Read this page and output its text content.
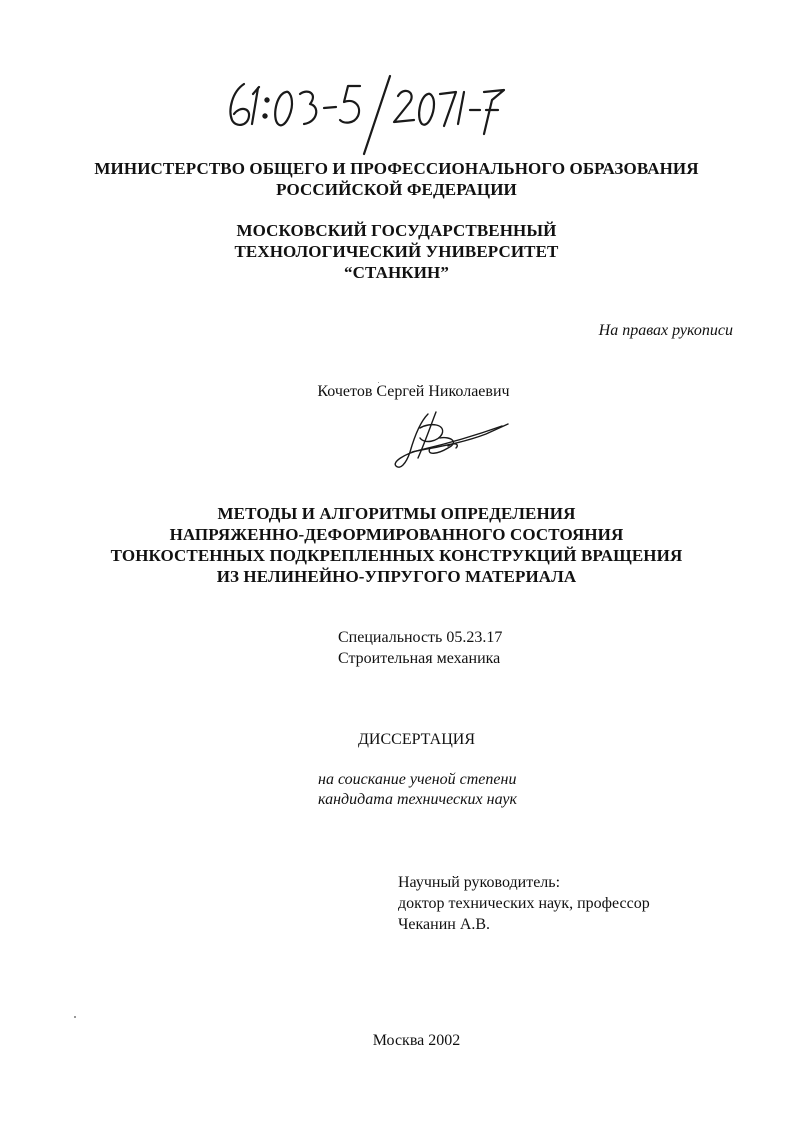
МИНИСТЕРСТВО ОБЩЕГО И ПРОФЕССИОНАЛЬНОГО ОБРАЗОВАНИЯ
РОССИЙСКОЙ ФЕДЕРАЦИИ
МОСКОВСКИЙ ГОСУДАРСТВЕННЫЙ
ТЕХНОЛОГИЧЕСКИЙ УНИВЕРСИТЕТ
“СТАНКИН”
На правах рукописи
Кочетов Сергей Николаевич
МЕТОДЫ И АЛГОРИТМЫ ОПРЕДЕЛЕНИЯ
НАПРЯЖЕННО-ДЕФОРМИРОВАННОГО СОСТОЯНИЯ
ТОНКОСТЕННЫХ ПОДКРЕПЛЕННЫХ КОНСТРУКЦИЙ ВРАЩЕНИЯ
ИЗ НЕЛИНЕЙНО-УПРУГОГО МАТЕРИАЛА
Специальность 05.23.17
Строительная механика
ДИССЕРТАЦИЯ
на соискание ученой степени
кандидата технических наук
Научный руководитель:
доктор технических наук, профессор
Чеканин А.В.
Москва 2002
